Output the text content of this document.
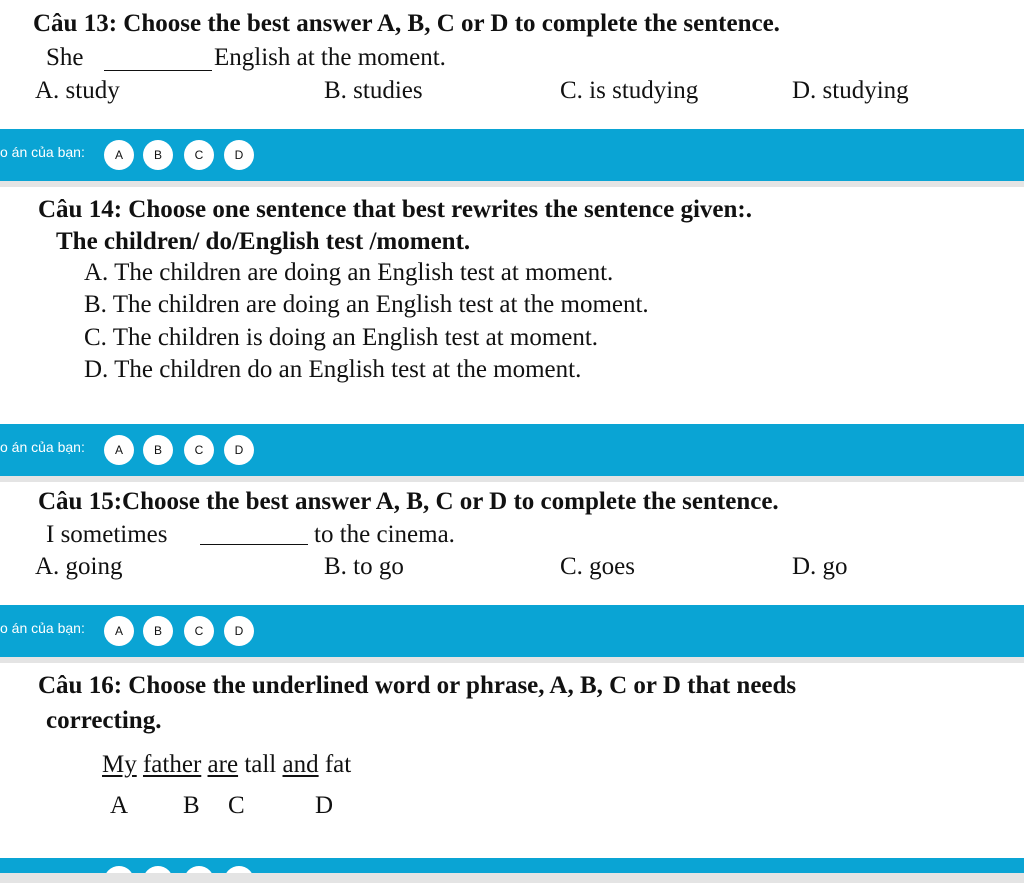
Câu 13: Choose the best answer A, B, C or D to complete the sentence.
She	English at the moment.
A. study	B. studies	C. is studying	D. studying
o án của bạn:	A	B	C	D
Câu 14: Choose one sentence that best rewrites the sentence given:.
The children/ do/English test /moment.
A. The children are doing an English test at moment.
B. The children are doing an English test at the moment.
C. The children is doing an English test at moment.
D. The children do an English test at the moment.
o án của bạn:	A	B	C	D
Câu 15:Choose the best answer A, B, C or D to complete the sentence.
I sometimes	to the cinema.
A. going	B. to go	C. goes	D. go
o án của bạn:	A	B	C	D
Câu 16: Choose the underlined word or phrase, A, B, C or D that needs
correcting.
My father are tall and fat
A B C	D
